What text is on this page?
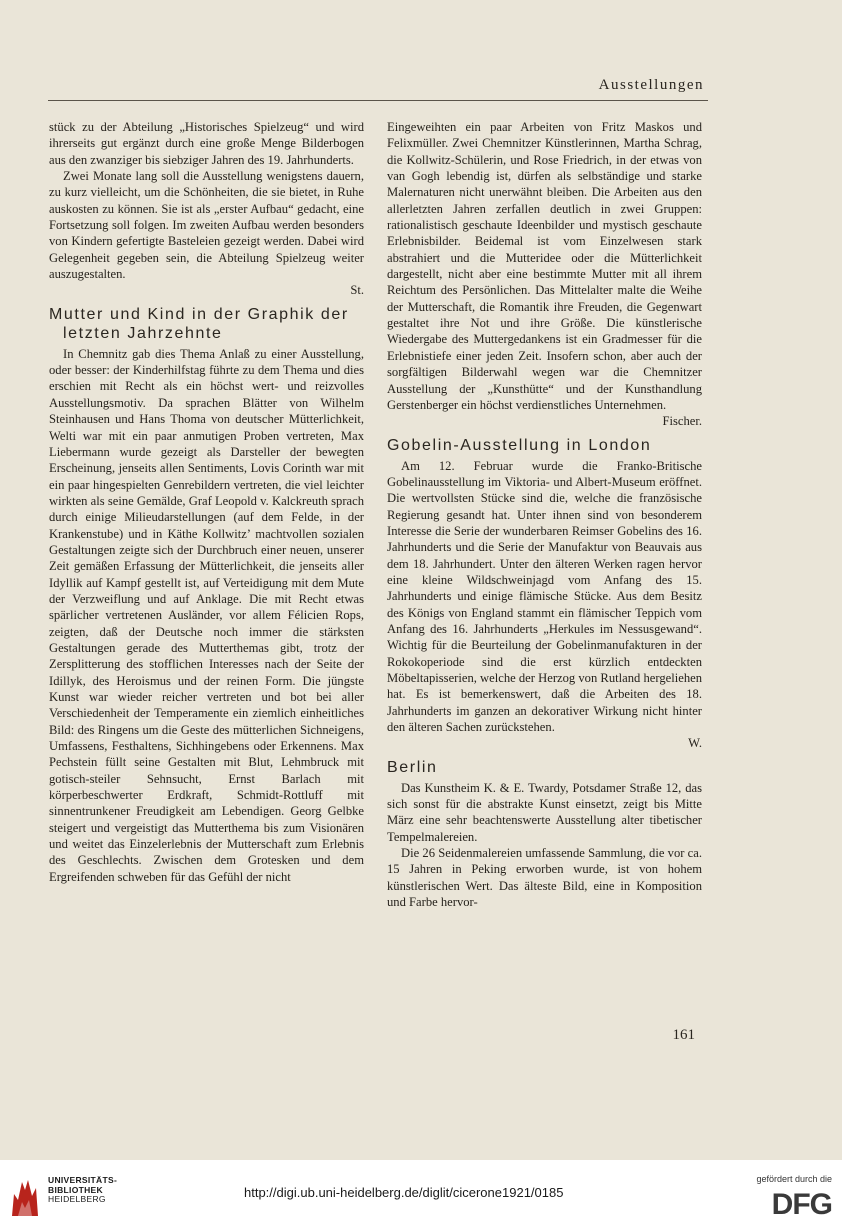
Ausstellungen

stück zu der Abteilung „Historisches Spielzeug“ und wird ihrerseits gut ergänzt durch eine große Menge Bilderbogen aus den zwanziger bis siebziger Jahren des 19. Jahrhunderts.

Zwei Monate lang soll die Ausstellung wenigstens dauern, zu kurz vielleicht, um die Schönheiten, die sie bietet, in Ruhe auskosten zu können. Sie ist als „erster Aufbau“ gedacht, eine Fortsetzung soll folgen. Im zweiten Aufbau werden besonders von Kindern gefertigte Basteleien gezeigt werden. Dabei wird Gelegenheit gegeben sein, die Abteilung Spielzeug weiter auszugestalten.

St.
Mutter und Kind in der Graphik der
letzten Jahrzehnte

In Chemnitz gab dies Thema Anlaß zu einer Ausstellung, oder besser: der Kinderhilfstag führte zu dem Thema und dies erschien mit Recht als ein höchst wert- und reizvolles Ausstellungsmotiv. Da sprachen Blätter von Wilhelm Steinhausen und Hans Thoma von deutscher Mütterlichkeit, Welti war mit ein paar anmutigen Proben vertreten, Max Liebermann wurde gezeigt als Darsteller der bewegten Erscheinung, jenseits allen Sentiments, Lovis Corinth war mit ein paar hingespielten Genrebildern vertreten, die viel leichter wirkten als seine Gemälde, Graf Leopold v. Kalckreuth sprach durch einige Milieudarstellungen (auf dem Felde, in der Krankenstube) und in Käthe Kollwitz’ machtvollen sozialen Gestaltungen zeigte sich der Durchbruch einer neuen, unserer Zeit gemäßen Erfassung der Mütterlichkeit, die jenseits aller Idyllik auf Kampf gestellt ist, auf Verteidigung mit dem Mute der Verzweiflung und auf Anklage. Die mit Recht etwas spärlicher vertretenen Ausländer, vor allem Félicien Rops, zeigten, daß der Deutsche noch immer die stärksten Gestaltungen gerade des Mutterthemas gibt, trotz der Zersplitterung des stofflichen Interesses nach der Seite der Idillyk, des Heroismus und der reinen Form. Die jüngste Kunst war wieder reicher vertreten und bot bei aller Verschiedenheit der Temperamente ein ziemlich einheitliches Bild: des Ringens um die Geste des mütterlichen Sichneigens, Umfassens, Festhaltens, Sichhingebens oder Erkennens. Max Pechstein füllt seine Gestalten mit Blut, Lehmbruck mit gotisch-steiler Sehnsucht, Ernst Barlach mit körperbeschwerter Erdkraft, Schmidt-Rottluff mit sinnentrunkener Freudigkeit am Lebendigen. Georg Gelbke steigert und vergeistigt das Mutterthema bis zum Visionären und weitet das Einzelerlebnis der Mutterschaft zum Erlebnis des Geschlechts. Zwischen dem Grotesken und dem Ergreifenden schweben für das Gefühl der nicht

Eingeweihten ein paar Arbeiten von Fritz Maskos und Felixmüller. Zwei Chemnitzer Künstlerinnen, Martha Schrag, die Kollwitz-Schülerin, und Rose Friedrich, in der etwas von van Gogh lebendig ist, dürfen als selbständige und starke Malernaturen nicht unerwähnt bleiben. Die Arbeiten aus den allerletzten Jahren zerfallen deutlich in zwei Gruppen: rationalistisch geschaute Ideenbilder und mystisch geschaute Erlebnisbilder. Beidemal ist vom Einzelwesen stark abstrahiert und die Mutteridee oder die Mütterlichkeit dargestellt, nicht aber eine bestimmte Mutter mit all ihrem Reichtum des Persönlichen. Das Mittelalter malte die Weihe der Mutterschaft, die Romantik ihre Freuden, die Gegenwart gestaltet ihre Not und ihre Größe. Die künstlerische Wiedergabe des Muttergedankens ist ein Gradmesser für die Erlebnistiefe einer jeden Zeit. Insofern schon, aber auch der sorgfältigen Bilderwahl wegen war die Chemnitzer Ausstellung der „Kunsthütte“ und der Kunsthandlung Gerstenberger ein höchst verdienstliches Unternehmen.

Fischer.
Gobelin-Ausstellung in London

Am 12. Februar wurde die Franko-Britische Gobelinausstellung im Viktoria- und Albert-Museum eröffnet. Die wertvollsten Stücke sind die, welche die französische Regierung gesandt hat. Unter ihnen sind von besonderem Interesse die Serie der wunderbaren Reimser Gobelins des 16. Jahrhunderts und die Serie der Manufaktur von Beauvais aus dem 18. Jahrhundert. Unter den älteren Werken ragen hervor eine kleine Wildschweinjagd vom Anfang des 15. Jahrhunderts und einige flämische Stücke. Aus dem Besitz des Königs von England stammt ein flämischer Teppich vom Anfang des 16. Jahrhunderts „Herkules im Nessusgewand“. Wichtig für die Beurteilung der Gobelinmanufakturen in der Rokokoperiode sind die erst kürzlich entdeckten Möbeltapisserien, welche der Herzog von Rutland hergeliehen hat. Es ist bemerkenswert, daß die Arbeiten des 18. Jahrhunderts im ganzen an dekorativer Wirkung nicht hinter den älteren Sachen zurückstehen.

W.
Berlin

Das Kunstheim K. & E. Twardy, Potsdamer Straße 12, das sich sonst für die abstrakte Kunst einsetzt, zeigt bis Mitte März eine sehr beachtenswerte Ausstellung alter tibetischer Tempelmalereien.

Die 26 Seidenmalereien umfassende Sammlung, die vor ca. 15 Jahren in Peking erworben wurde, ist von hohem künstlerischen Wert. Das älteste Bild, eine in Komposition und Farbe hervor-

161
UNIVERSITÄTS-
BIBLIOTHEK
HEIDELBERG	http://digi.ub.uni-heidelberg.de/diglit/cicerone1921/0185
gefördert durch die
DFG
